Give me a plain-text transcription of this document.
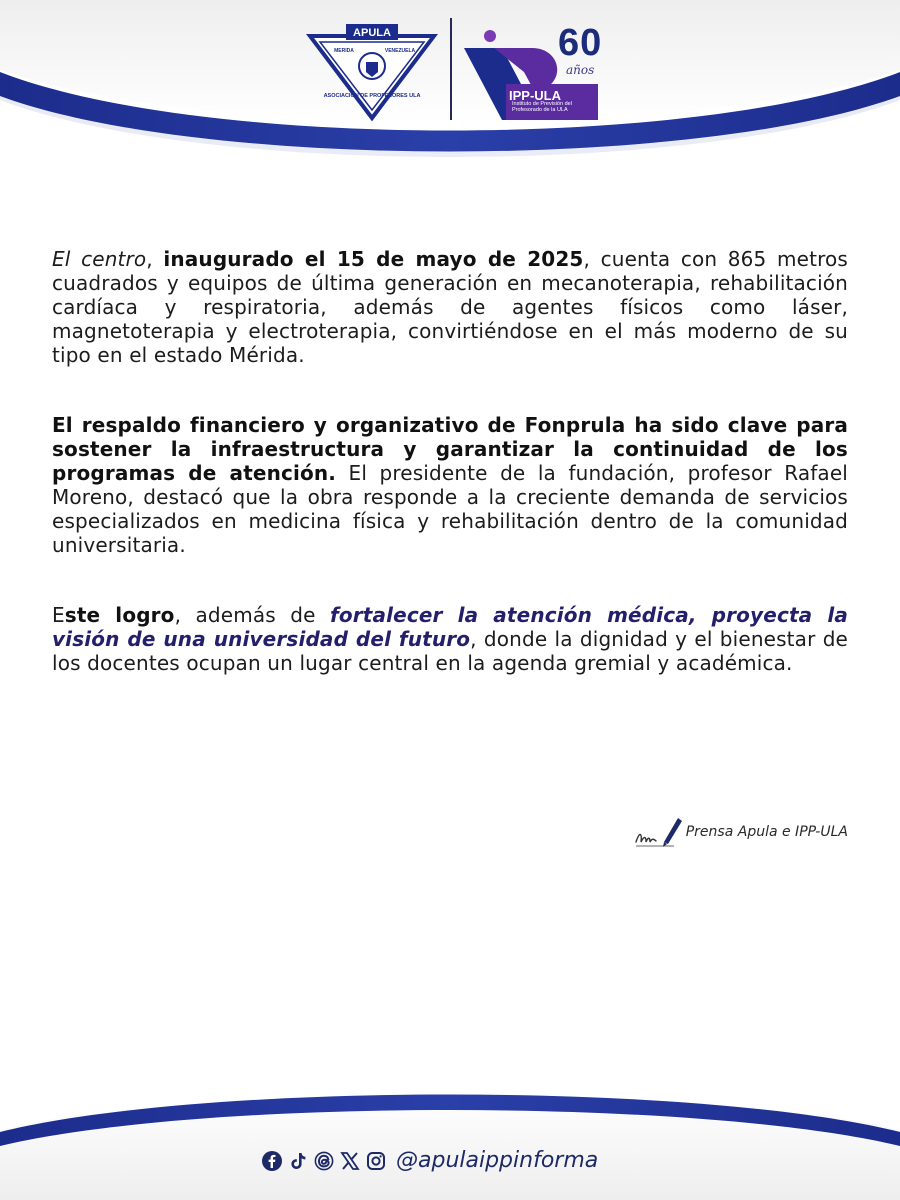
APULA
MERIDA	VENEZUELA
ASOCIACIÓN DE PROFESORES ULA	IPP-ULA
Instituto de Previsión del Profesorado de la ULA
60
años

El centro, inaugurado el 15 de mayo de 2025, cuenta con 865 metros cuadrados y equipos de última generación en mecanoterapia, rehabilitación cardíaca y respiratoria, además de agentes físicos como láser, magnetoterapia y electroterapia, convirtiéndose en el más moderno de su tipo en el estado Mérida.

El respaldo financiero y organizativo de Fonprula ha sido clave para sostener la infraestructura y garantizar la continuidad de los programas de atención. El presidente de la fundación, profesor Rafael Moreno, destacó que la obra responde a la creciente demanda de servicios especializados en medicina física y rehabilitación dentro de la comunidad universitaria.

Este logro, además de fortalecer la atención médica, proyecta la visión de una universidad del futuro, donde la dignidad y el bienestar de los docentes ocupan un lugar central en la agenda gremial y académica.

Prensa Apula e IPP-ULA
@apulaippinforma
